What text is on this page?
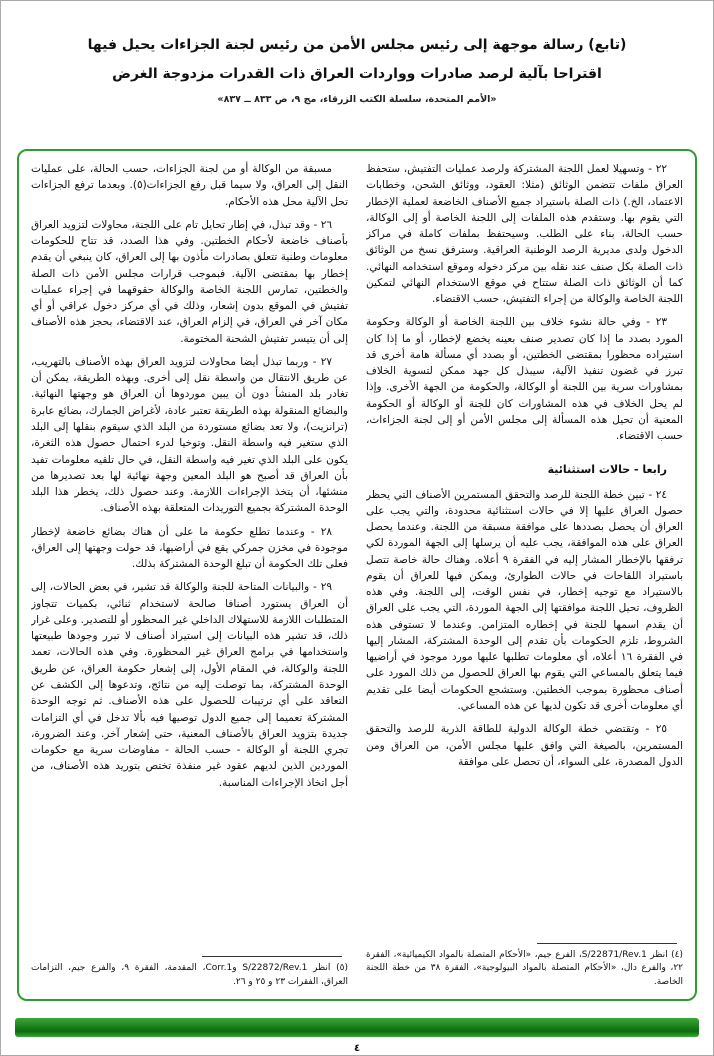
(تابع) رسالة موجهة إلى رئيس مجلس الأمن من رئيس لجنة الجزاءات يحيل فيها
اقتراحا بآلية لرصد صادرات وواردات العراق ذات القدرات مزدوجة الغرض
«الأمم المتحدة، سلسلة الكتب الزرقاء، مج ٩، ص ٨٣٣ ــ ٨٣٧»

٢٢ - وتسهيلا لعمل اللجنة المشتركة ولرصد عمليات التفتيش، ستحفظ العراق ملفات تتضمن الوثائق (مثلا: العقود، ووثائق الشحن، وخطابات الاعتماد، الخ.) ذات الصلة باستيراد جميع الأصناف الخاضعة لعملية الإخطار التي يقوم بها. وستقدم هذه الملفات إلى اللجنة الخاصة أو إلى الوكالة، حسب الحالة، بناء على الطلب. وسيحتفظ بملفات كاملة في مراكز الدخول ولدى مديرية الرصد الوطنية العراقية. وسترفق نسخ من الوثائق ذات الصلة بكل صنف عند نقله بين مركز دخوله وموقع استخدامه النهائي. كما أن الوثائق ذات الصلة ستتاح في موقع الاستخدام النهائي لتمكين اللجنة الخاصة والوكالة من إجراء التفتيش، حسب الاقتضاء.

٢٣ - وفي حالة نشوء خلاف بين اللجنة الخاصة أو الوكالة وحكومة المورد بصدد ما إذا كان تصدير صنف بعينه يخضع لإخطار، أو ما إذا كان استيراده محظورا بمقتضى الخطتين، أو بصدد أي مسألة هامة أخرى قد تبرز في غضون تنفيذ الآلية، سيبذل كل جهد ممكن لتسوية الخلاف بمشاورات سرية بين اللجنة أو الوكالة، والحكومة من الجهة الأخرى. وإذا لم يحل الخلاف في هذه المشاورات كان للجنة أو الوكالة أو الحكومة المعنية أن تحيل هذه المسألة إلى مجلس الأمن أو إلى لجنة الجزاءات، حسب الاقتضاء.

رابعا - حالات استثنائية

٢٤ - تبين خطة اللجنة للرصد والتحقق المستمرين الأصناف التي يحظر حصول العراق عليها إلا في حالات استثنائية محدودة، والتي يجب على العراق أن يحصل بصددها على موافقة مسبقة من اللجنة. وعندما يحصل العراق على هذه الموافقة، يجب عليه أن يرسلها إلى الجهة الموردة لكي ترفقها بالإخطار المشار إليه في الفقرة ٩ أعلاه. وهناك حالة خاصة تتصل باستيراد اللقاحات في حالات الطوارئ، ويمكن فيها للعراق أن يقوم بالاستيراد مع توجيه إخطار، في نفس الوقت، إلى اللجنة. وفي هذه الظروف، تحيل اللجنة موافقتها إلى الجهة الموردة، التي يجب على العراق أن يقدم اسمها للجنة في إخطاره المتزامن. وعندما لا تستوفى هذه الشروط، تلزم الحكومات بأن تقدم إلى الوحدة المشتركة، المشار إليها في الفقرة ١٦ أعلاه، أي معلومات تطلبها عليها مورد موجود في أراضيها فيما يتعلق بالمساعي التي يقوم بها العراق للحصول من ذلك المورد على أصناف محظورة بموجب الخطتين. وستشجع الحكومات أيضا على تقديم أي معلومات أخرى قد تكون لديها عن هذه المساعي.

٢٥ - وتقتضي خطة الوكالة الدولية للطاقة الذرية للرصد والتحقق المستمرين، بالصيغة التي وافق عليها مجلس الأمن، من العراق ومن الدول المصدرة، على السواء، أن تحصل على موافقة

(٤) انظر S/22871/Rev.1، الفرع جيم، «الأحكام المتصلة بالمواد الكيميائية»، الفقرة ٢٢، والفرع دال، «الأحكام المتصلة بالمواد البيولوجية»، الفقرة ٣٨ من خطة اللجنة الخاصة.

مسبقة من الوكالة أو من لجنة الجزاءات، حسب الحالة، على عمليات النقل إلى العراق، ولا سيما قبل رفع الجزاءات(٥). وبعدما ترفع الجزاءات تحل الآلية محل هذه الأحكام.

٢٦ - وقد تبذل، في إطار تحايل تام على اللجنة، محاولات لتزويد العراق بأصناف خاضعة لأحكام الخطتين. وفي هذا الصدد، قد تتاح للحكومات معلومات وطنية تتعلق بصادرات مأذون بها إلى العراق، كان ينبغي أن يقدم إخطار بها بمقتضى الآلية. فبموجب قرارات مجلس الأمن ذات الصلة والخطتين، تمارس اللجنة الخاصة والوكالة حقوقهما في إجراء عمليات تفتيش في الموقع بدون إشعار، وذلك في أي مركز دخول عراقي أو أي مكان آخر في العراق، في إلزام العراق، عند الاقتضاء، بحجز هذه الأصناف إلى أن يتيسر تفتيش الشحنة المختومة.

٢٧ - وربما تبذل أيضا محاولات لتزويد العراق بهذه الأصناف بالتهريب، عن طريق الانتقال من واسطة نقل إلى أخرى. وبهذه الطريقة، يمكن أن تغادر بلد المنشأ دون أن يبين موردوها أن العراق هو وجهتها النهائية. والبضائع المنقولة بهذه الطريقة تعتبر عادة، لأغراض الجمارك، بضائع عابرة (ترانزيت)، ولا تعد بضائع مستوردة من البلد الذي سيقوم بنقلها إلى البلد الذي ستغير فيه واسطة النقل. وتوخيا لدرء احتمال حصول هذه الثغرة، يكون على البلد الذي تغير فيه واسطة النقل، في حال تلقيه معلومات تفيد بأن العراق قد أصبح هو البلد المعين وجهة نهائية لها بعد تصديرها من منشئها، أن يتخذ الإجراءات اللازمة. وعند حصول ذلك، يخطر هذا البلد الوحدة المشتركة بجميع التوريدات المتعلقة بهذه الأصناف.

٢٨ - وعندما تطلع حكومة ما على أن هناك بضائع خاضعة لإخطار موجودة في مخزن جمركي يقع في أراضيها، قد حولت وجهتها إلى العراق، فعلى تلك الحكومة أن تبلغ الوحدة المشتركة بذلك.

٢٩ - والبيانات المتاحة للجنة والوكالة قد تشير، في بعض الحالات، إلى أن العراق يستورد أصنافا صالحة لاستخدام ثنائي، بكميات تتجاوز المتطلبات اللازمة للاستهلاك الداخلي غير المحظور أو للتصدير. وعلى غرار ذلك، قد تشير هذه البيانات إلى استيراد أصناف لا تبرر وجودها طبيعتها واستخدامها في برامج العراق غير المحظورة. وفي هذه الحالات، تعمد اللجنة والوكالة، في المقام الأول، إلى إشعار حكومة العراق، عن طريق الوحدة المشتركة، بما توصلت إليه من نتائج، وتدعوها إلى الكشف عن التعاقد على أي ترتيبات للحصول على هذه الأصناف. ثم توجه الوحدة المشتركة تعميما إلى جميع الدول توصيها فيه بألا تدخل في أي التزامات جديدة بتزويد العراق بالأصناف المعنية، حتى إشعار آخر. وعند الضرورة، تجري اللجنة أو الوكالة - حسب الحالة - مفاوضات سرية مع حكومات الموردين الذين لديهم عقود غير منفذة تختص بتوريد هذه الأصناف، من أجل اتخاذ الإجراءات المناسبة.

(٥) انظر S/22872/Rev.1 وCorr.1، المقدمة، الفقرة ٩، والفرع جيم، التزامات العراق، الفقرات ٢٣ و ٢٥ و ٢٦.

٤
